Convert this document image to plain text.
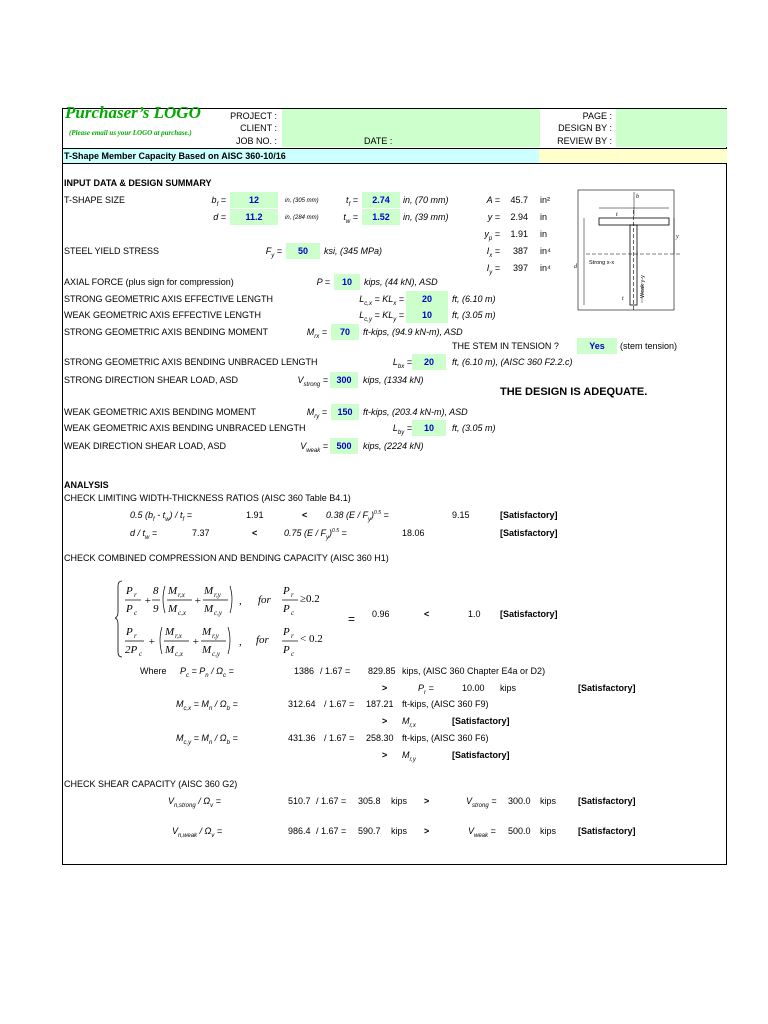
Purchaser’s LOGO
(Please email us your LOGO at purchase.)
PROJECT :
CLIENT :
JOB NO. :	DATE :
PAGE :
DESIGN BY :
REVIEW BY :
T-Shape Member Capacity Based on AISC 360-10/16
INPUT DATA & DESIGN SUMMARY
T-SHAPE SIZE	$b_f$ =	12	in, (305 mm)	$t_f$ =	2.74	in, (70 mm)	A =	45.7 in²
d =	11.2	in, (284 mm)	$t_w$ =	1.52	in, (39 mm)	y =	2.94 in
$y_p$ =	1.91 in
STEEL YIELD STRESS	$F_y$ =	50	ksi, (345 MPa)	$I_x$ =	387 in⁴
$I_y$ =	397 in⁴
AXIAL FORCE (plus sign for compression)	P =	10	kips, (44 kN), ASD
STRONG GEOMETRIC AXIS EFFECTIVE LENGTH	$L_{c,x} = KL_x$ =	20	ft, (6.10 m)
WEAK GEOMETRIC AXIS EFFECTIVE LENGTH	$L_{c,y} = KL_y$ =	10	ft, (3.05 m)
STRONG GEOMETRIC AXIS BENDING MOMENT	$M_{rx}$ =	70	ft-kips, (94.9 kN-m), ASD
THE STEM IN TENSION ?	Yes	(stem tension)
STRONG GEOMETRIC AXIS BENDING UNBRACED LENGTH	$L_{bx}$ =	20	ft, (6.10 m), (AISC 360 F2.2.c)
STRONG DIRECTION SHEAR LOAD, ASD	$V_{strong} = 300$	kips, (1334 kN)
THE DESIGN IS ADEQUATE.
WEAK GEOMETRIC AXIS BENDING MOMENT	$M_{ry}$ =	150	ft-kips, (203.4 kN-m), ASD
WEAK GEOMETRIC AXIS BENDING UNBRACED LENGTH	$L_{by}$ =	10	ft, (3.05 m)
WEAK DIRECTION SHEAR LOAD, ASD	$V_{weak} = 500$	kips, (2224 kN)
b
t
y
d
Strong x-x
Weak y-y
t
ANALYSIS
CHECK LIMITING WIDTH-THICKNESS RATIOS (AISC 360 Table B4.1)
0.5 $(b_f - t_w) / t_f$ =	1.91	< 0.38 $(E / F_y)^{0.5}$ =	9.15	[Satisfactory]
d / $t_w$ =	7.37	<	0.75 $(E / F_y)^{0.5}$ =	18.06	[Satisfactory]
CHECK COMBINED COMPRESSION AND BENDING CAPACITY (AISC 360 H1)
P r
P c
+
8
9
M r,x
M c,x
+
M r,y
M c,y
,
P r
2P c
+
M r,x
M c,x
+
M r,y
M c,y
,
P r
P c
P r
P c
for
for
≥0.2
< 0.2
= 0.96	<	1.0 [Satisfactory]
Where $P_c = P_n / \Omega_c$ =	1386 / 1.67 = 829.85 kips, (AISC 360 Chapter E4a or D2)
>	$P_r$ =	10.00 kips	[Satisfactory]
$M_{c,x} = M_n / \Omega_b$ =	312.64 / 1.67 = 187.21 ft-kips, (AISC 360 F9)
> $M_{r,x}$	[Satisfactory]
$M_{c,y} = M_n / \Omega_b$ =	431.36 / 1.67 = 258.30 ft-kips, (AISC 360 F6)
> $M_{r,y}$	[Satisfactory]
CHECK SHEAR CAPACITY (AISC 360 G2)
$V_{n,strong} / \Omega_v$ =	510.7 / 1.67 = 305.8 kips >	$V_{strong} = 300.0$ kips [Satisfactory]
$V_{n,weak} / \Omega_v$ =	986.4 / 1.67 = 590.7 kips >	$V_{weak} = 500.0$ kips [Satisfactory]
